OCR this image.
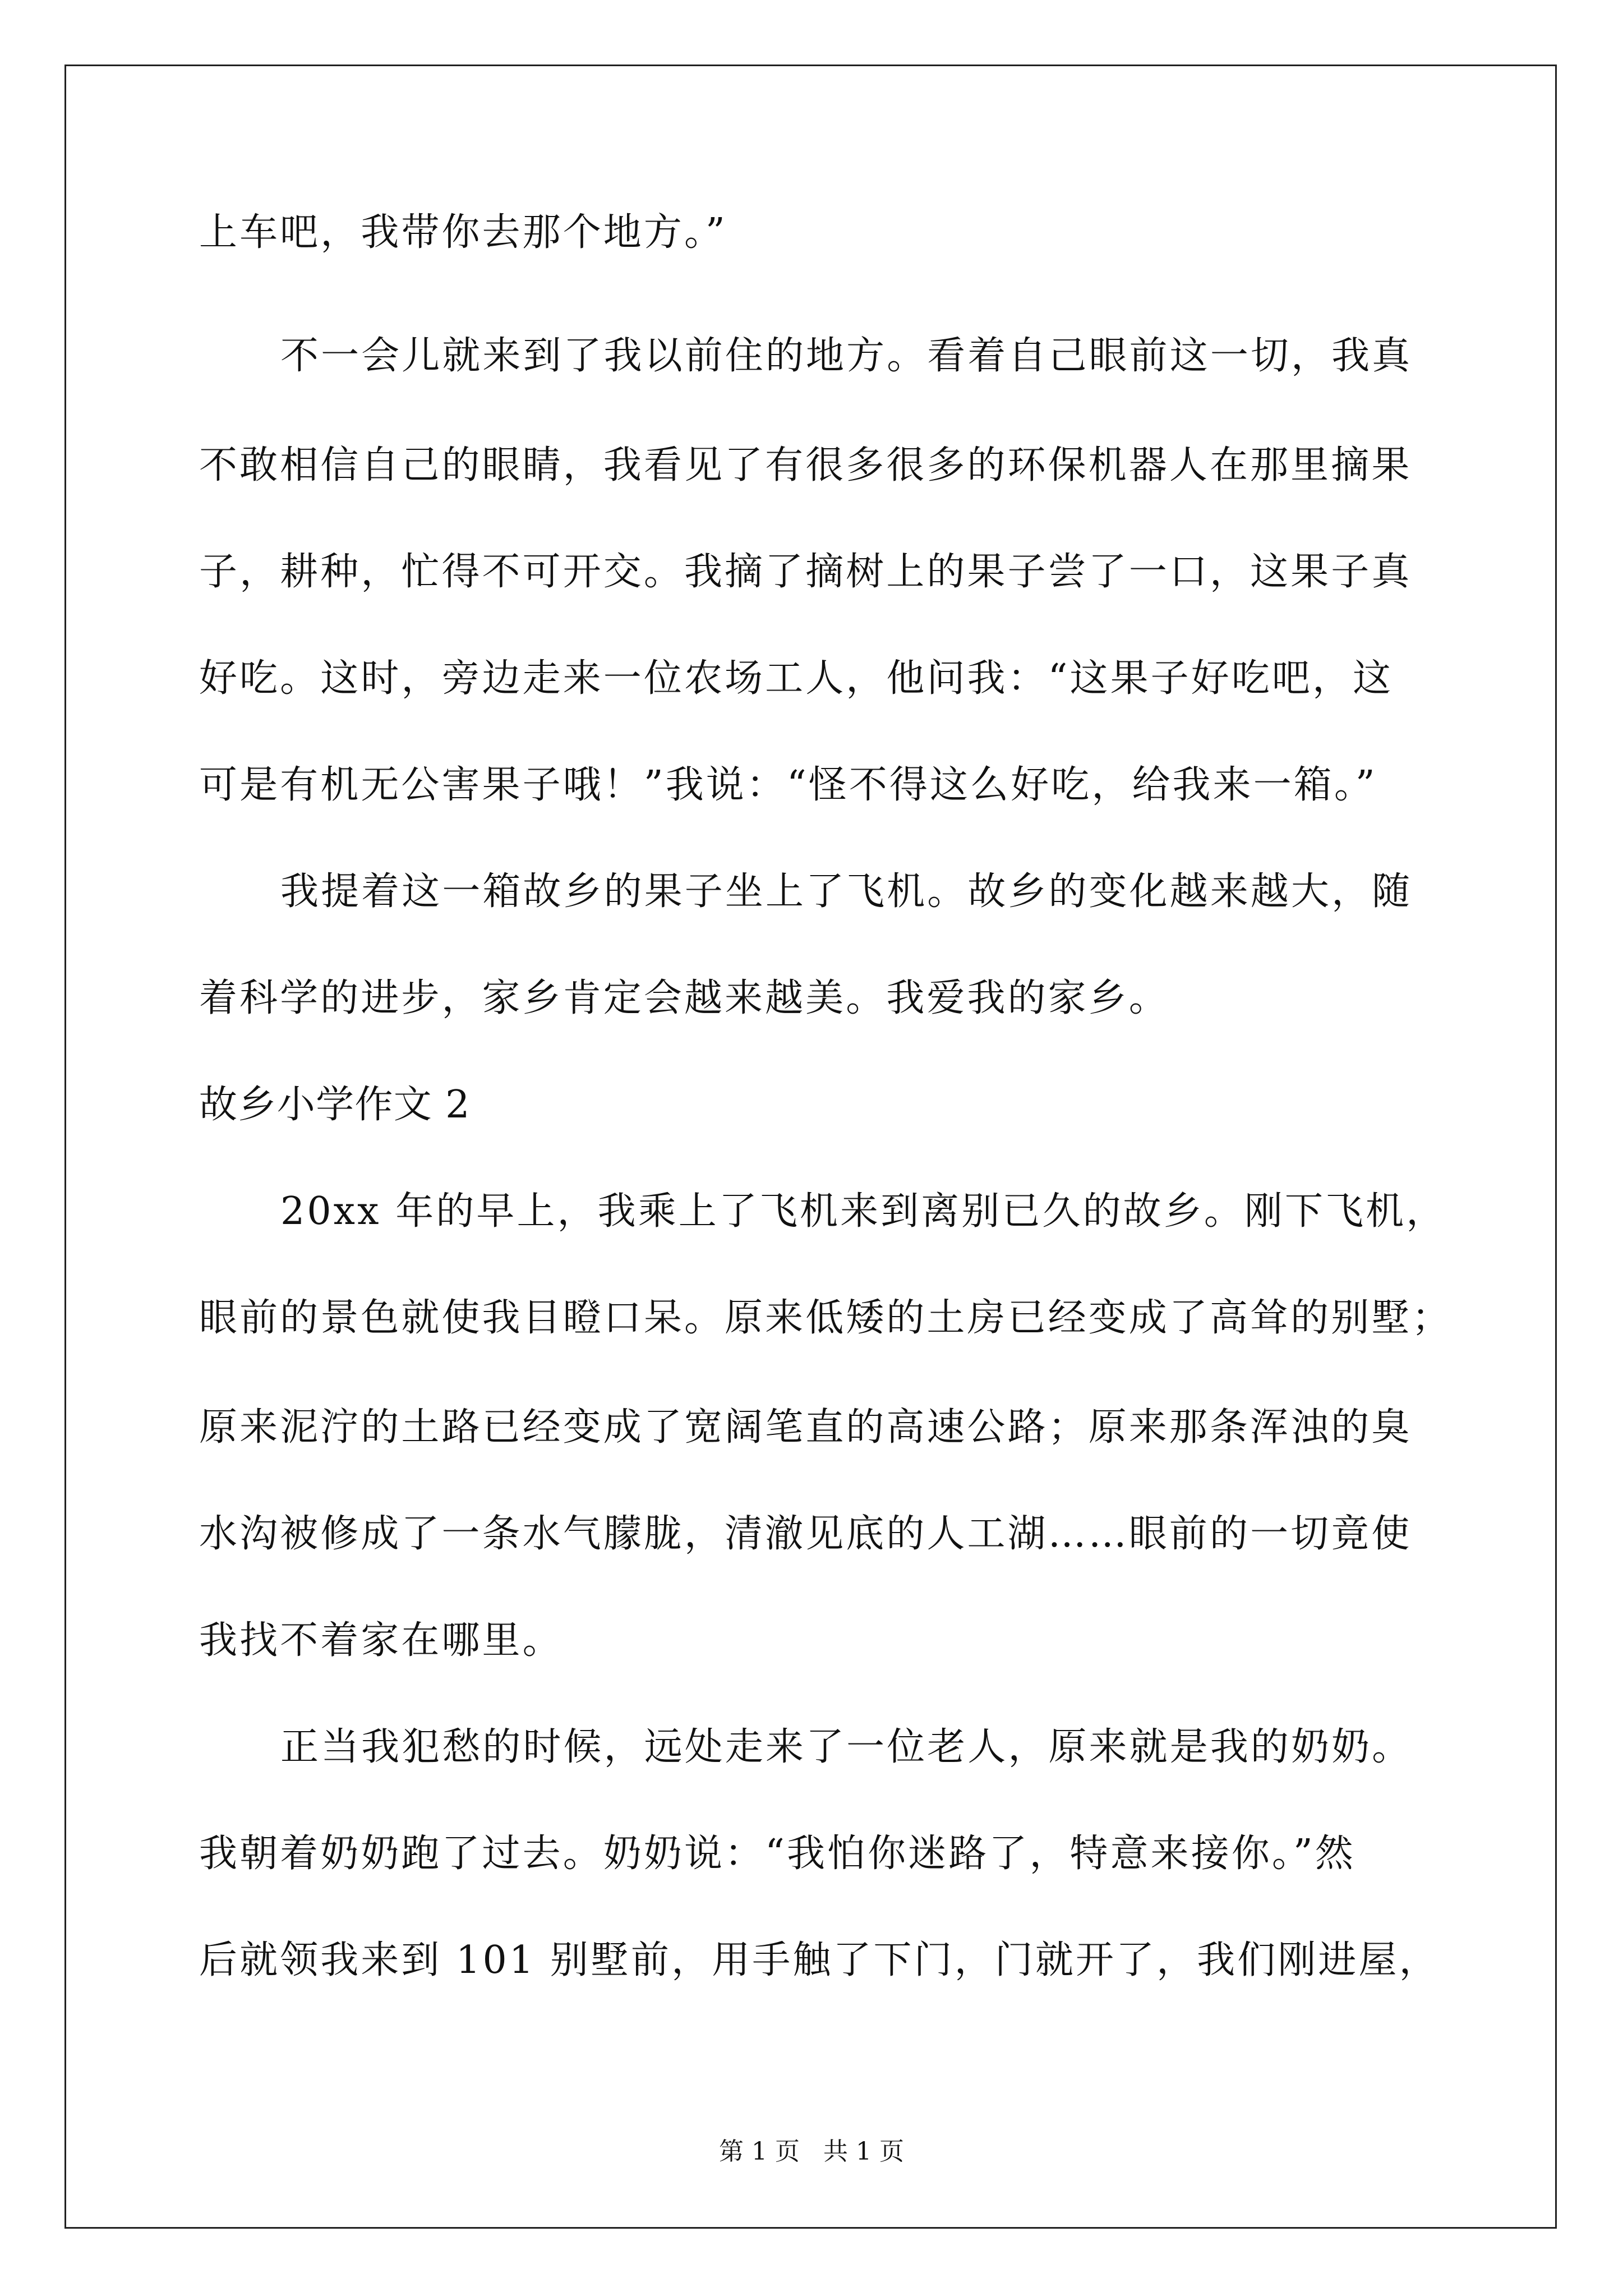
上车吧，我带你去那个地方。”
不一会儿就来到了我以前住的地方。看着自己眼前这一切，我真
不敢相信自己的眼睛，我看见了有很多很多的环保机器人在那里摘果
子，耕种，忙得不可开交。我摘了摘树上的果子尝了一口，这果子真
好吃。这时，旁边走来一位农场工人，他问我：“这果子好吃吧，这
可是有机无公害果子哦！”我说：“怪不得这么好吃，给我来一箱。”
我提着这一箱故乡的果子坐上了飞机。故乡的变化越来越大，随
着科学的进步，家乡肯定会越来越美。我爱我的家乡。
故乡小学作文 2
20xx 年的早上，我乘上了飞机来到离别已久的故乡。刚下飞机，
眼前的景色就使我目瞪口呆。原来低矮的土房已经变成了高耸的别墅；
原来泥泞的土路已经变成了宽阔笔直的高速公路；原来那条浑浊的臭
水沟被修成了一条水气朦胧，清澈见底的人工湖……眼前的一切竟使
我找不着家在哪里。
正当我犯愁的时候，远处走来了一位老人，原来就是我的奶奶。
我朝着奶奶跑了过去。奶奶说：“我怕你迷路了，特意来接你。”然
后就领我来到 101 别墅前，用手触了下门，门就开了，我们刚进屋，
第 1 页   共 1 页
